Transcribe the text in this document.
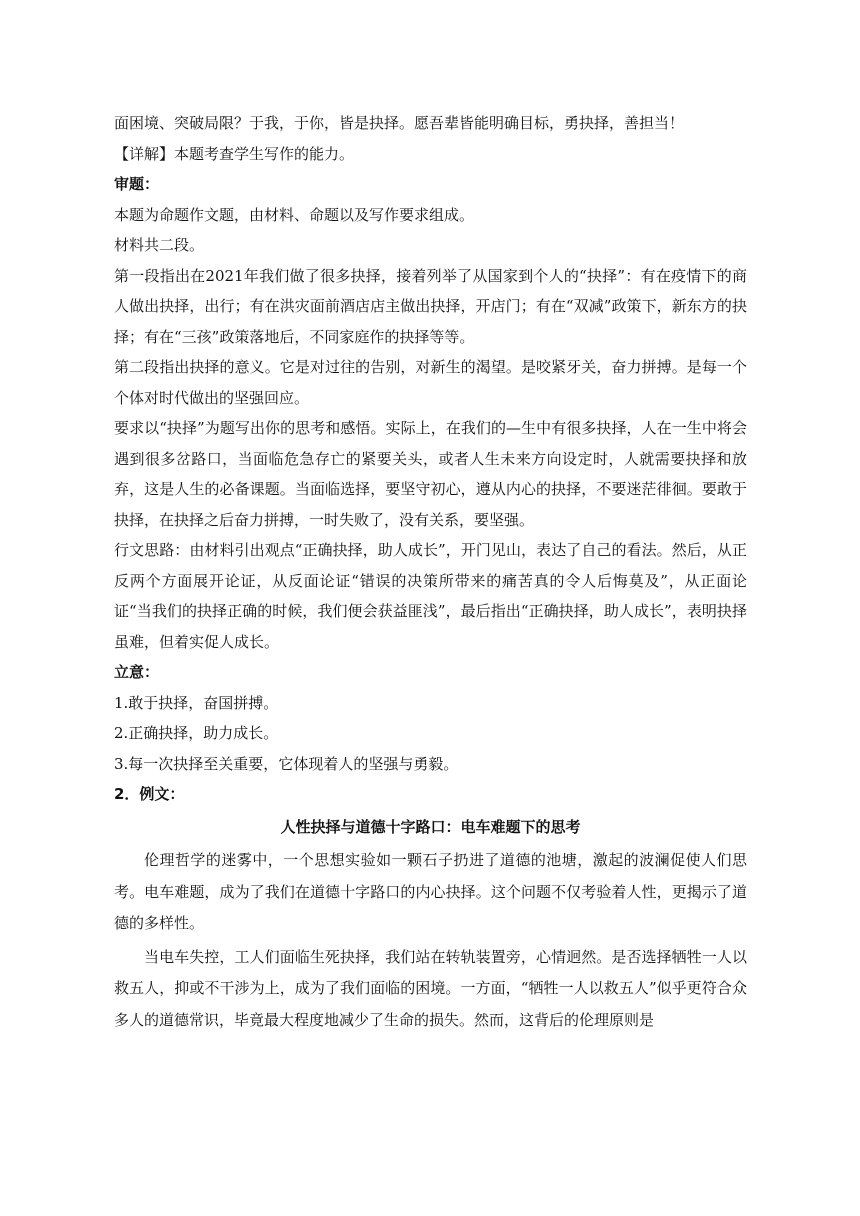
面困境、突破局限？于我，于你，皆是抉择。愿吾辈皆能明确目标，勇抉择，善担当！

【详解】本题考查学生写作的能力。

审题：

本题为命题作文题，由材料、命题以及写作要求组成。

材料共二段。

第一段指出在2021年我们做了很多抉择，接着列举了从国家到个人的“抉择”：有在疫情下的商人做出抉择，出行；有在洪灾面前酒店店主做出抉择，开店门；有在“双减”政策下，新东方的抉择；有在“三孩”政策落地后，不同家庭作的抉择等等。

第二段指出抉择的意义。它是对过往的告别，对新生的渴望。是咬紧牙关，奋力拼搏。是每一个个体对时代做出的坚强回应。

要求以“抉择”为题写出你的思考和感悟。实际上，在我们的—生中有很多抉择，人在一生中将会遇到很多岔路口，当面临危急存亡的紧要关头，或者人生未来方向设定时，人就需要抉择和放弃，这是人生的必备课题。当面临选择，要坚守初心，遵从内心的抉择，不要迷茫徘徊。要敢于抉择，在抉择之后奋力拼搏，一时失败了，没有关系，要坚强。

行文思路：由材料引出观点“正确抉择，助人成长”，开门见山，表达了自己的看法。然后，从正反两个方面展开论证，从反面论证“错误的决策所带来的痛苦真的令人后悔莫及”，从正面论证“当我们的抉择正确的时候，我们便会获益匪浅”，最后指出“正确抉择，助人成长”，表明抉择虽难，但着实促人成长。

立意：

1.敢于抉择，奋国拼搏。

2.正确抉择，助力成长。

3.每一次抉择至关重要，它体现着人的坚强与勇毅。

2．例文：

人性抉择与道德十字路口：电车难题下的思考

伦理哲学的迷雾中，一个思想实验如一颗石子扔进了道德的池塘，激起的波澜促使人们思考。电车难题，成为了我们在道德十字路口的内心抉择。这个问题不仅考验着人性，更揭示了道德的多样性。

当电车失控，工人们面临生死抉择，我们站在转轨装置旁，心情迥然。是否选择牺牲一人以救五人，抑或不干涉为上，成为了我们面临的困境。一方面，“牺牲一人以救五人”似乎更符合众多人的道德常识，毕竟最大程度地减少了生命的损失。然而，这背后的伦理原则是
